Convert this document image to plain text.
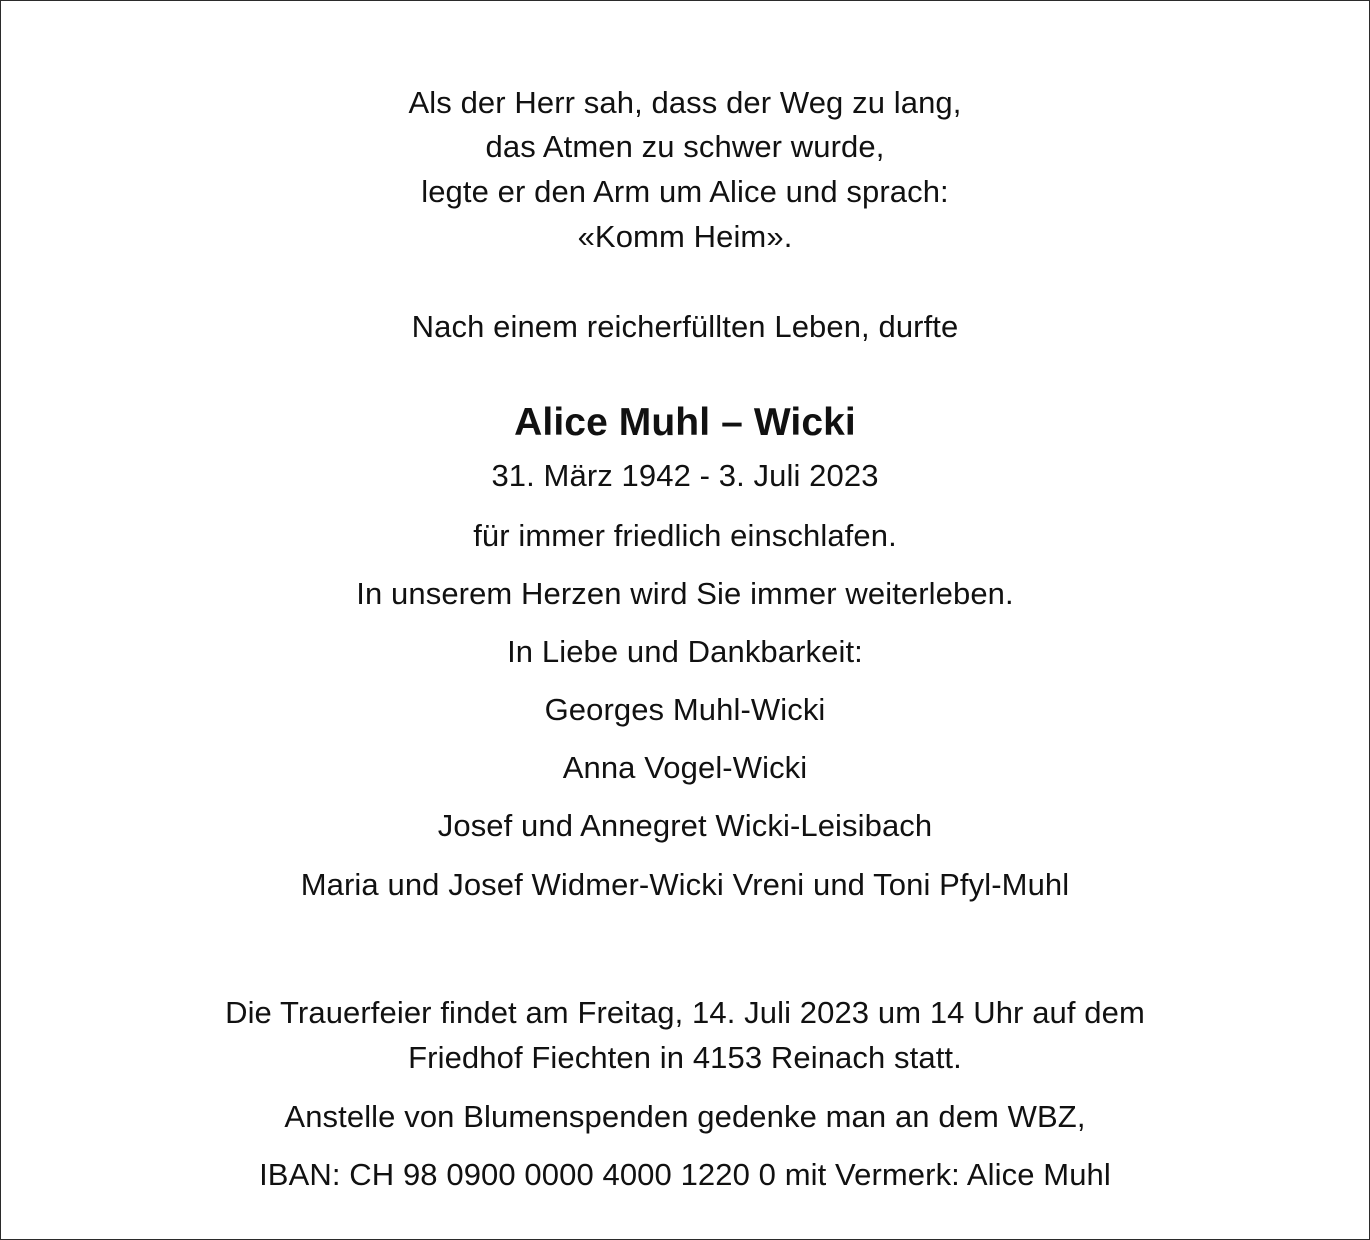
Als der Herr sah, dass der Weg zu lang,
das Atmen zu schwer wurde,
legte er den Arm um Alice und sprach:
«Komm Heim».
Nach einem reicherfüllten Leben, durfte
Alice Muhl – Wicki
31. März 1942 - 3. Juli 2023
für immer friedlich einschlafen.
In unserem Herzen wird Sie immer weiterleben.
In Liebe und Dankbarkeit:
Georges Muhl-Wicki
Anna Vogel-Wicki
Josef und Annegret Wicki-Leisibach
Maria und Josef Widmer-Wicki Vreni und Toni Pfyl-Muhl
Die Trauerfeier findet am Freitag, 14. Juli 2023 um 14 Uhr auf dem
Friedhof Fiechten in 4153 Reinach statt.
Anstelle von Blumenspenden gedenke man an dem WBZ,
IBAN: CH 98 0900 0000 4000 1220 0 mit Vermerk: Alice Muhl
